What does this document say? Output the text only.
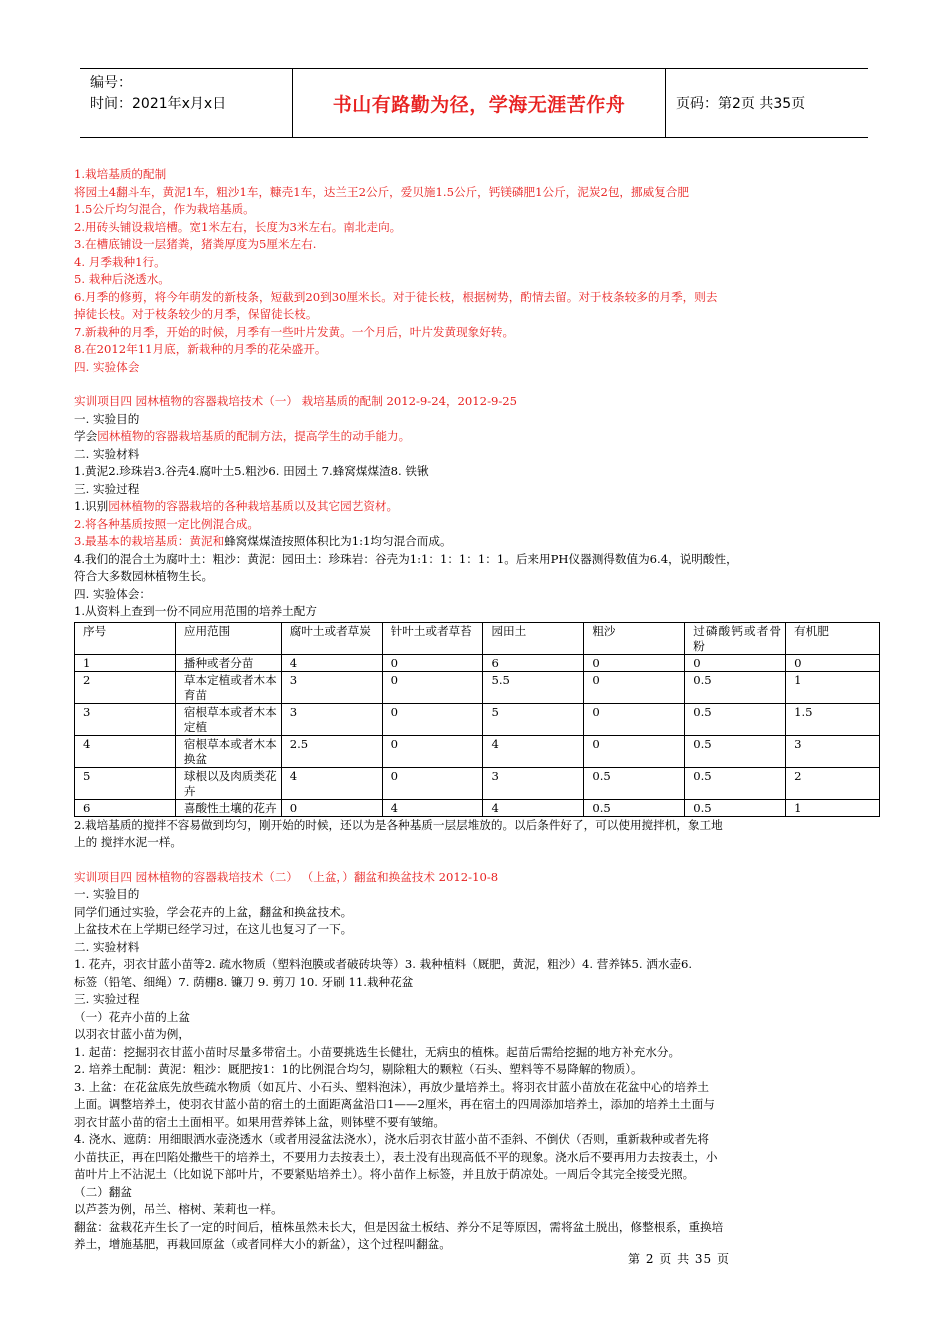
编号：
时间：2021年x月x日	书山有路勤为径，学海无涯苦作舟	页码：第2页 共35页
1.栽培基质的配制
将园土4翻斗车，黄泥1车，粗沙1车，糠壳1车，达兰王2公斤，爱贝施1.5公斤，钙镁磷肥1公斤，泥炭2包，挪威复合肥
1.5公斤均匀混合，作为栽培基质。
2.用砖头铺设栽培槽。宽1米左右，长度为3米左右。南北走向。
3.在槽底铺设一层猪粪，猪粪厚度为5厘米左右.
4. 月季栽种1行。
5. 栽种后浇透水。
6.月季的修剪，将今年萌发的新枝条，短截到20到30厘米长。对于徒长枝，根据树势，酌情去留。对于枝条较多的月季，则去
掉徒长枝。对于枝条较少的月季，保留徒长枝。
7.新栽种的月季，开始的时候，月季有一些叶片发黄。一个月后，叶片发黄现象好转。
8.在2012年11月底，新栽种的月季的花朵盛开。
四. 实验体会
实训项目四 园林植物的容器栽培技术（一） 栽培基质的配制 2012-9-24，2012-9-25
一. 实验目的
学会园林植物的容器栽培基质的配制方法，提高学生的动手能力。
二. 实验材料
1.黄泥2.珍珠岩3.谷壳4.腐叶土5.粗沙6. 田园土 7.蜂窝煤煤渣8. 铁锹
三. 实验过程
1.识别园林植物的容器栽培的各种栽培基质以及其它园艺资材。
2.将各种基质按照一定比例混合成。
3.最基本的栽培基质：黄泥和蜂窝煤煤渣按照体积比为1:1均匀混合而成。
4.我们的混合土为腐叶土：粗沙：黄泥：园田土：珍珠岩：谷壳为1:1：1：1：1：1。后来用PH仪器测得数值为6.4，说明酸性，
符合大多数园林植物生长。
四. 实验体会：
1.从资料上查到一份不同应用范围的培养土配方
序号	应用范围	腐叶土或者草炭	针叶土或者草苔	园田土	粗沙	过磷酸钙或者骨粉	有机肥
1	播种或者分苗	4	0	6	0	0	0
2	草本定植或者木本育苗	3	0	5.5	0	0.5	1
3	宿根草本或者木本定植	3	0	5	0	0.5	1.5
4	宿根草本或者木本换盆	2.5	0	4	0	0.5	3
5	球根以及肉质类花卉	4	0	3	0.5	0.5	2
6	喜酸性土壤的花卉	0	4	4	0.5	0.5	1
2.栽培基质的搅拌不容易做到均匀，刚开始的时候，还以为是各种基质一层层堆放的。以后条件好了，可以使用搅拌机，象工地
上的 搅拌水泥一样。
实训项目四 园林植物的容器栽培技术（二） （上盆，）翻盆和换盆技术 2012-10-8
一. 实验目的
同学们通过实验，学会花卉的上盆，翻盆和换盆技术。
上盆技术在上学期已经学习过，在这儿也复习了一下。
二. 实验材料
1. 花卉，羽衣甘蓝小苗等2. 疏水物质（塑料泡膜或者破砖块等）3. 栽种植料（厩肥，黄泥，粗沙）4. 营养钵5. 洒水壶6.
标签（铅笔、细绳）7. 荫棚8. 镰刀 9. 剪刀 10. 牙刷 11.栽种花盆
三. 实验过程
（一）花卉小苗的上盆
以羽衣甘蓝小苗为例，
1. 起苗：挖掘羽衣甘蓝小苗时尽量多带宿土。小苗要挑选生长健壮，无病虫的植株。起苗后需给挖掘的地方补充水分。
2. 培养土配制：黄泥：粗沙：厩肥按1：1的比例混合均匀，剔除粗大的颗粒（石头、塑料等不易降解的物质）。
3. 上盆：在花盆底先放些疏水物质（如瓦片、小石头、塑料泡沫），再放少量培养土。将羽衣甘蓝小苗放在花盆中心的培养土
上面。调整培养土，使羽衣甘蓝小苗的宿土的土面距离盆沿口1——2厘米，再在宿土的四周添加培养土，添加的培养土土面与
羽衣甘蓝小苗的宿土土面相平。如果用营养钵上盆，则钵壁不要有皱缩。
4. 浇水、遮荫：用细眼洒水壶浇透水（或者用浸盆法浇水），浇水后羽衣甘蓝小苗不歪斜、不倒伏（否则，重新栽种或者先将
小苗扶正，再在凹陷处撒些干的培养土，不要用力去按表土），表土没有出现高低不平的现象。浇水后不要再用力去按表土，小
苗叶片上不沾泥土（比如说下部叶片，不要紧贴培养土）。将小苗作上标签，并且放于荫凉处。一周后令其完全接受光照。
（二）翻盆
以芦荟为例，吊兰、榕树、茉莉也一样。
翻盆：盆栽花卉生长了一定的时间后，植株虽然未长大，但是因盆土板结、养分不足等原因，需将盆土脱出，修整根系，重换培
养土，增施基肥，再栽回原盆（或者同样大小的新盆），这个过程叫翻盆。
第 2 页 共 35 页
